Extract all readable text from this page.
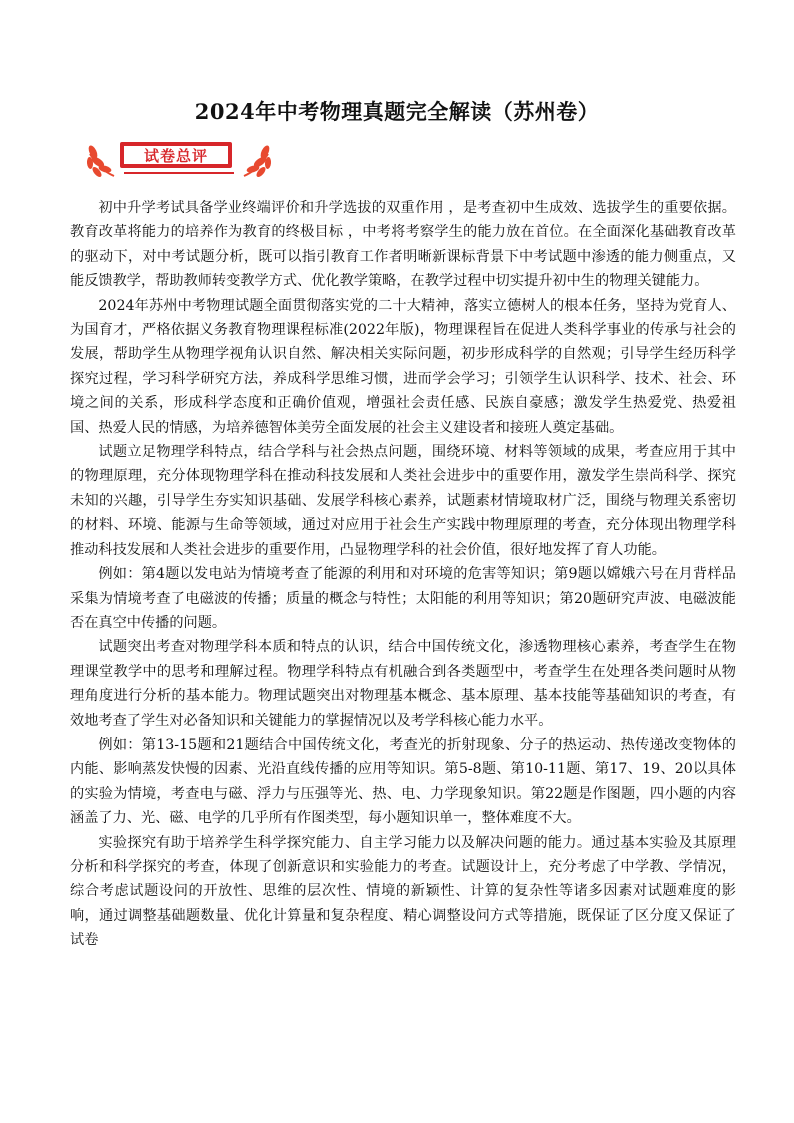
2024年中考物理真题完全解读（苏州卷）
试卷总评

初中升学考试具备学业终端评价和升学选拔的双重作用 ，是考查初中生成效、选拔学生的重要依据。教育改革将能力的培养作为教育的终极目标 ，中考将考察学生的能力放在首位。在全面深化基础教育改革的驱动下，对中考试题分析，既可以指引教育工作者明晰新课标背景下中考试题中渗透的能力侧重点，又能反馈教学，帮助教师转变教学方式、优化教学策略，在教学过程中切实提升初中生的物理关键能力。

2024年苏州中考物理试题全面贯彻落实党的二十大精神，落实立德树人的根本任务，坚持为党育人、为国育才，严格依据义务教育物理课程标准(2022年版)，物理课程旨在促进人类科学事业的传承与社会的发展，帮助学生从物理学视角认识自然、解决相关实际问题，初步形成科学的自然观；引导学生经历科学探究过程，学习科学研究方法，养成科学思维习惯，进而学会学习；引领学生认识科学、技术、社会、环境之间的关系，形成科学态度和正确价值观，增强社会责任感、民族自豪感；激发学生热爱党、热爱祖国、热爱人民的情感，为培养德智体美劳全面发展的社会主义建设者和接班人奠定基础。

试题立足物理学科特点，结合学科与社会热点问题，围绕环境、材料等领域的成果，考查应用于其中的物理原理，充分体现物理学科在推动科技发展和人类社会进步中的重要作用，激发学生崇尚科学、探究未知的兴趣，引导学生夯实知识基础、发展学科核心素养，试题素材情境取材广泛，围绕与物理关系密切的材料、环境、能源与生命等领域，通过对应用于社会生产实践中物理原理的考查，充分体现出物理学科推动科技发展和人类社会进步的重要作用，凸显物理学科的社会价值，很好地发挥了育人功能。

例如：第4题以发电站为情境考查了能源的利用和对环境的危害等知识；第9题以嫦娥六号在月背样品采集为情境考查了电磁波的传播；质量的概念与特性；太阳能的利用等知识；第20题研究声波、电磁波能否在真空中传播的问题。

试题突出考查对物理学科本质和特点的认识，结合中国传统文化，渗透物理核心素养，考查学生在物理课堂教学中的思考和理解过程。物理学科特点有机融合到各类题型中，考查学生在处理各类问题时从物理角度进行分析的基本能力。物理试题突出对物理基本概念、基本原理、基本技能等基础知识的考查，有效地考查了学生对必备知识和关键能力的掌握情况以及考学科核心能力水平。

例如：第13-15题和21题结合中国传统文化，考查光的折射现象、分子的热运动、热传递改变物体的内能、影响蒸发快慢的因素、光沿直线传播的应用等知识。第5-8题、第10-11题、第17、19、20以具体的实验为情境，考查电与磁、浮力与压强等光、热、电、力学现象知识。第22题是作图题，四小题的内容涵盖了力、光、磁、电学的几乎所有作图类型，每小题知识单一，整体难度不大。

实验探究有助于培养学生科学探究能力、自主学习能力以及解决问题的能力。通过基本实验及其原理分析和科学探究的考查，体现了创新意识和实验能力的考查。试题设计上，充分考虑了中学教、学情况，综合考虑试题设问的开放性、思维的层次性、情境的新颖性、计算的复杂性等诸多因素对试题难度的影响，通过调整基础题数量、优化计算量和复杂程度、精心调整设问方式等措施，既保证了区分度又保证了试卷
